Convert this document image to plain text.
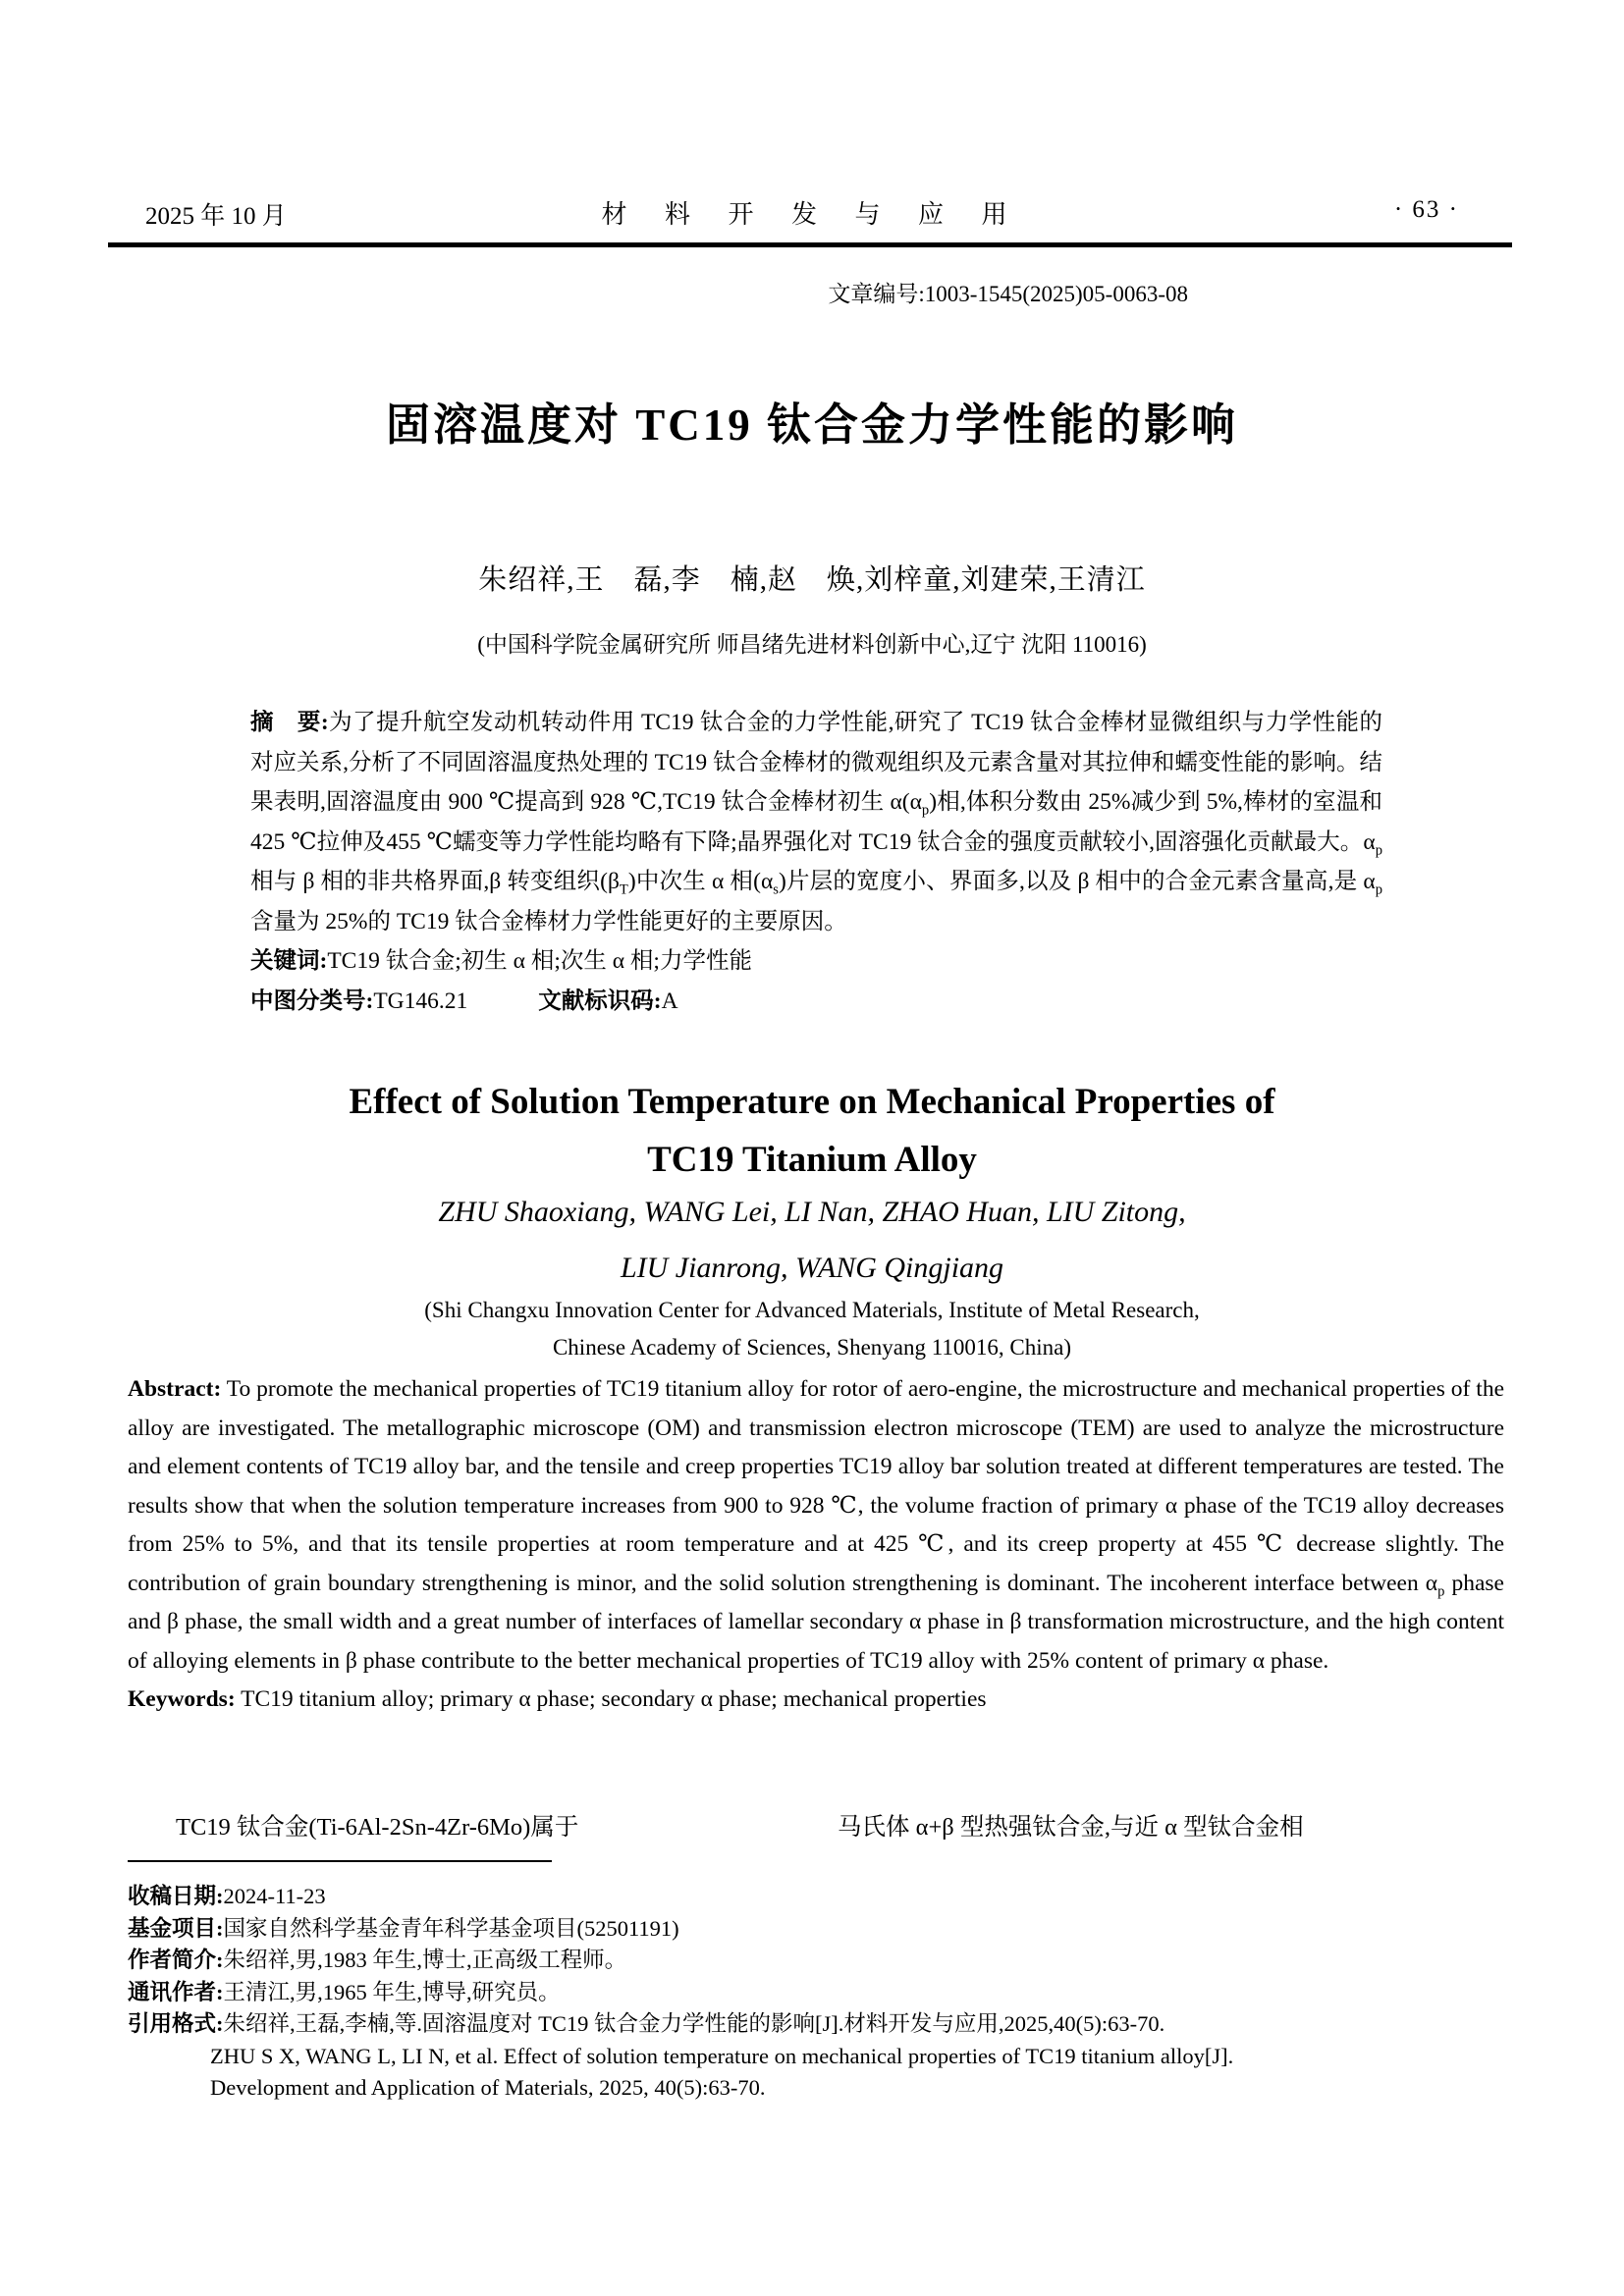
2025 年 10 月	材 料 开 发 与 应 用	· 63 ·
文章编号:1003-1545(2025)05-0063-08
固溶温度对 TC19 钛合金力学性能的影响
朱绍祥,王　磊,李　楠,赵　焕,刘梓童,刘建荣,王清江
(中国科学院金属研究所 师昌绪先进材料创新中心,辽宁 沈阳 110016)

摘　要:为了提升航空发动机转动件用 TC19 钛合金的力学性能,研究了 TC19 钛合金棒材显微组织与力学性能的对应关系,分析了不同固溶温度热处理的 TC19 钛合金棒材的微观组织及元素含量对其拉伸和蠕变性能的影响。结果表明,固溶温度由 900 ℃提高到 928 ℃,TC19 钛合金棒材初生 $\alpha(\alpha_p)$相,体积分数由 25%减少到 5%,棒材的室温和425 ℃拉伸及455 ℃蠕变等力学性能均略有下降;晶界强化对 TC19 钛合金的强度贡献较小,固溶强化贡献最大。$\alpha_p$ 相与 β 相的非共格界面,β 转变组织$(\beta_T)$中次生 α 相$(\alpha_s)$片层的宽度小、界面多,以及 β 相中的合金元素含量高,是 $\alpha_p$ 含量为 25%的 TC19 钛合金棒材力学性能更好的主要原因。

关键词:TC19 钛合金;初生 α 相;次生 α 相;力学性能

中图分类号:TG146.21	文献标识码:A

Effect of Solution Temperature on Mechanical Properties of
TC19 Titanium Alloy
ZHU Shaoxiang, WANG Lei, LI Nan, ZHAO Huan, LIU Zitong,
LIU Jianrong, WANG Qingjiang
(Shi Changxu Innovation Center for Advanced Materials, Institute of Metal Research,
Chinese Academy of Sciences, Shenyang 110016, China)

Abstract: To promote the mechanical properties of TC19 titanium alloy for rotor of aero-engine, the microstructure and mechanical properties of the alloy are investigated. The metallographic microscope (OM) and transmission electron microscope (TEM) are used to analyze the microstructure and element contents of TC19 alloy bar, and the tensile and creep properties TC19 alloy bar solution treated at different temperatures are tested. The results show that when the solution temperature increases from 900 to 928 ℃, the volume fraction of primary α phase of the TC19 alloy decreases from 25% to 5%, and that its tensile properties at room temperature and at 425 ℃, and its creep property at 455 ℃ decrease slightly. The contribution of grain boundary strengthening is minor, and the solid solution strengthening is dominant. The incoherent interface between $\alpha_p$ phase and β phase, the small width and a great number of interfaces of lamellar secondary α phase in β transformation microstructure, and the high content of alloying elements in β phase contribute to the better mechanical properties of TC19 alloy with 25% content of primary α phase.

Keywords: TC19 titanium alloy; primary α phase; secondary α phase; mechanical properties

TC19 钛合金(Ti-6Al-2Sn-4Zr-6Mo)属于	马氏体 α+β 型热强钛合金,与近 α 型钛合金相
收稿日期:2024-11-23
基金项目:国家自然科学基金青年科学基金项目(52501191)
作者简介:朱绍祥,男,1983 年生,博士,正高级工程师。
通讯作者:王清江,男,1965 年生,博导,研究员。
引用格式:朱绍祥,王磊,李楠,等.固溶温度对 TC19 钛合金力学性能的影响[J].材料开发与应用,2025,40(5):63-70.
ZHU S X, WANG L, LI N, et al. Effect of solution temperature on mechanical properties of TC19 titanium alloy[J].
Development and Application of Materials, 2025, 40(5):63-70.
